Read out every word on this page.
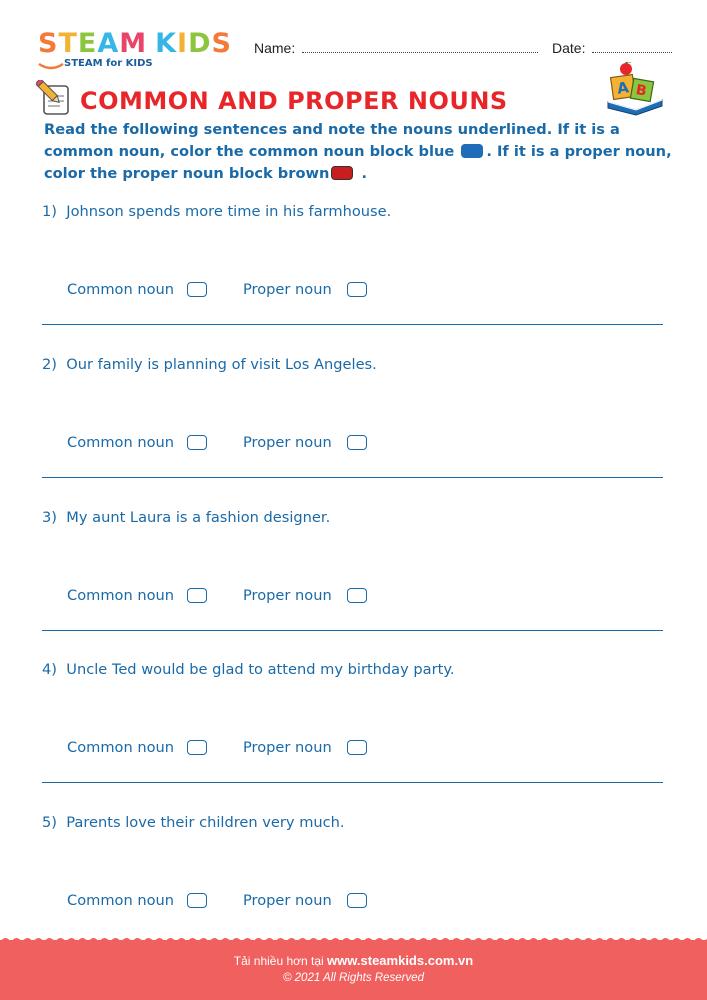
STEAM KIDS
STEAM for KIDS
Name:	Date:
COMMON AND PROPER NOUNS	A B
Read the following sentences and note the nouns underlined. If it is a common noun, color the common noun block blue . If it is a proper noun, color the proper noun block brown .
1) Johnson spends more time in his farmhouse.
Common noun	Proper noun
2) Our family is planning of visit Los Angeles.
Common noun	Proper noun
3) My aunt Laura is a fashion designer.
Common noun	Proper noun
4) Uncle Ted would be glad to attend my birthday party.
Common noun	Proper noun
5) Parents love their children very much.
Common noun	Proper noun
Tải nhiều hơn tại www.steamkids.com.vn
© 2021 All Rights Reserved
